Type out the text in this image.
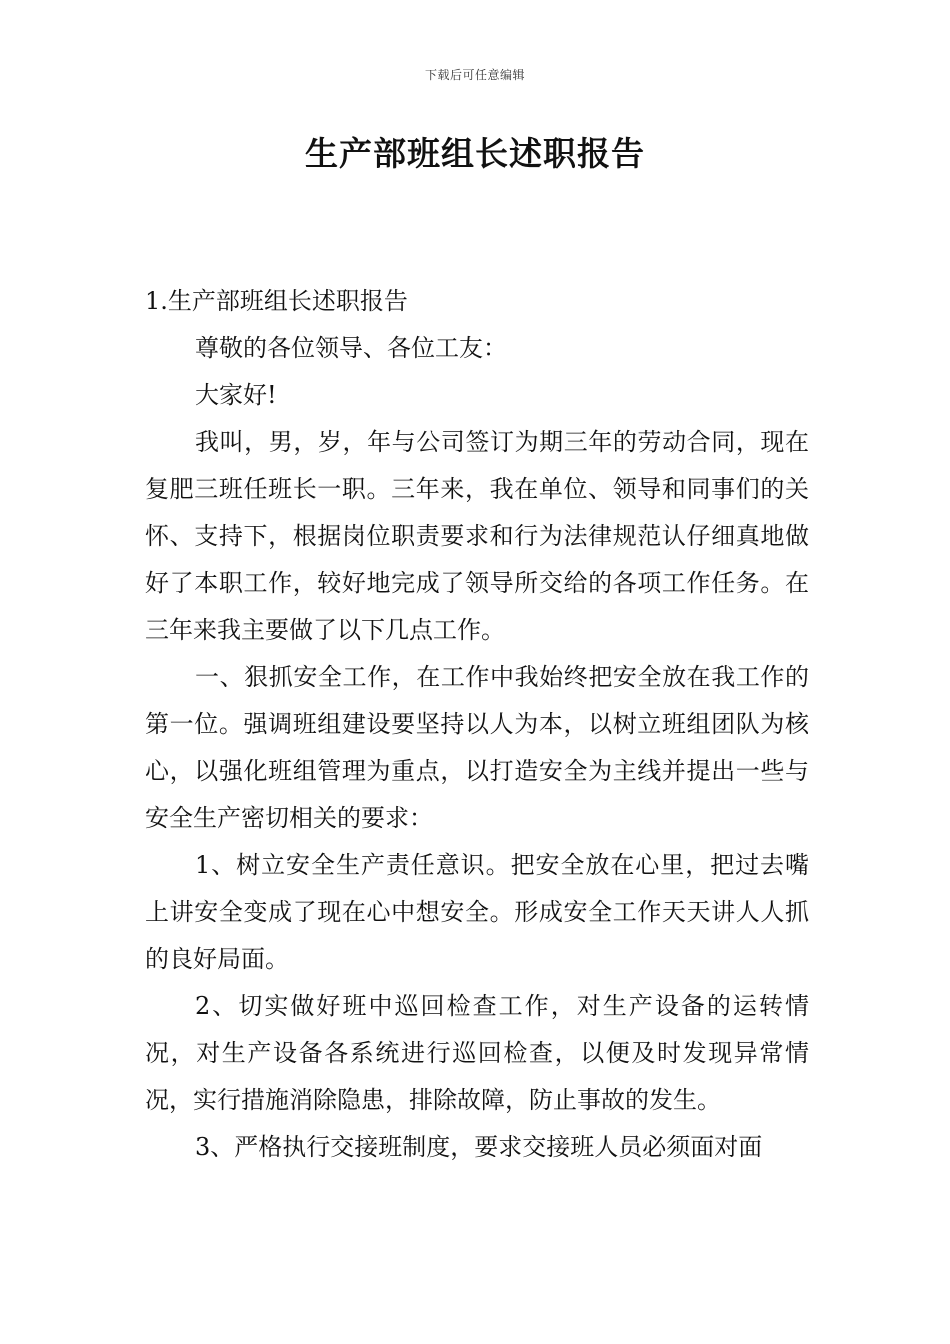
下载后可任意编辑
生产部班组长述职报告

1.生产部班组长述职报告

尊敬的各位领导、各位工友：

大家好!

我叫，男，岁，年与公司签订为期三年的劳动合同，现在复肥三班任班长一职。三年来，我在单位、领导和同事们的关怀、支持下，根据岗位职责要求和行为法律规范认仔细真地做好了本职工作，较好地完成了领导所交给的各项工作任务。在三年来我主要做了以下几点工作。

一、狠抓安全工作，在工作中我始终把安全放在我工作的第一位。强调班组建设要坚持以人为本，以树立班组团队为核心，以强化班组管理为重点，以打造安全为主线并提出一些与安全生产密切相关的要求：

1、树立安全生产责任意识。把安全放在心里，把过去嘴上讲安全变成了现在心中想安全。形成安全工作天天讲人人抓的良好局面。

2、切实做好班中巡回检查工作，对生产设备的运转情况，对生产设备各系统进行巡回检查，以便及时发现异常情况，实行措施消除隐患，排除故障，防止事故的发生。

3、严格执行交接班制度，要求交接班人员必须面对面
